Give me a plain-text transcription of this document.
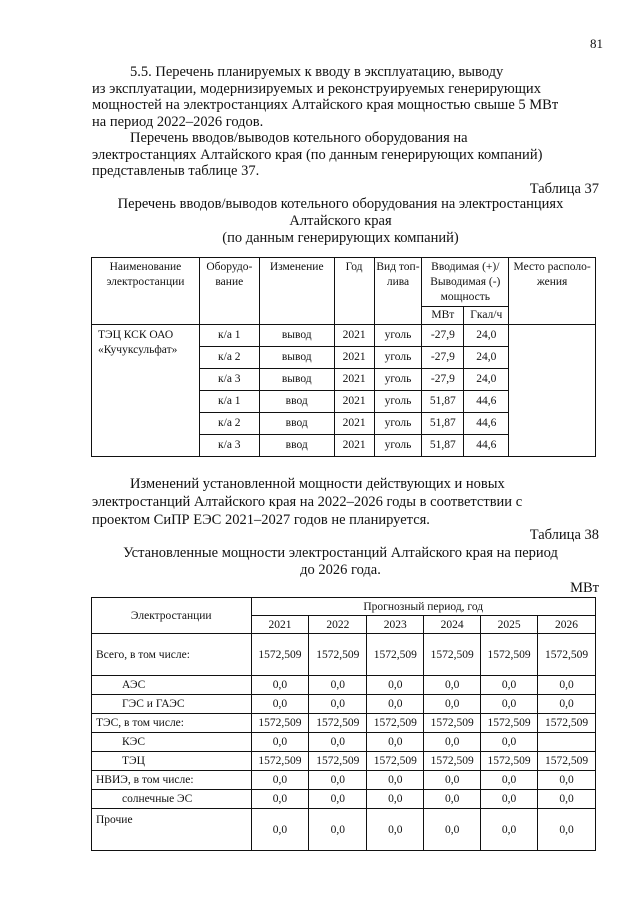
81
5.5. Перечень планируемых к вводу в эксплуатацию, выводу
из эксплуатации, модернизируемых и реконструируемых генерирующих
мощностей на электростанциях Алтайского края мощностью свыше 5 МВт
на период 2022–2026 годов.
Перечень вводов/выводов котельного оборудования на
электростанциях Алтайского края (по данным генерирующих компаний)
представленыв таблице 37.
Таблица 37
Перечень вводов/выводов котельного оборудования на электростанциях
Алтайского края
(по данным генерирующих компаний)
Наименование электростанции	Оборудо-вание	Изменение	Год	Вид топ-лива	Вводимая (+)/ Выводимая (-) мощность		Место располо-жения
					МВт	Гкал/ч	
ТЭЦ КСК ОАО «Кучуксульфат»	к/а 1	вывод	2021	уголь	-27,9	24,0	
	к/а 2	вывод	2021	уголь	-27,9	24,0	
	к/а 3	вывод	2021	уголь	-27,9	24,0	
	к/а 1	ввод	2021	уголь	51,87	44,6	
	к/а 2	ввод	2021	уголь	51,87	44,6	
	к/а 3	ввод	2021	уголь	51,87	44,6	
Изменений установленной мощности действующих и новых
электростанций Алтайского края на 2022–2026 годы в соответствии с
проектом СиПР ЕЭС 2021–2027 годов не планируется.
Таблица 38
Установленные мощности электростанций Алтайского края на период
до 2026 года.
МВт
Электростанции	Прогнозный период, год					
	2021	2022	2023	2024	2025	2026
Всего, в том числе:	1572,509	1572,509	1572,509	1572,509	1572,509	1572,509
АЭС	0,0	0,0	0,0	0,0	0,0	0,0
ГЭС и ГАЭС	0,0	0,0	0,0	0,0	0,0	0,0
ТЭС, в том числе:	1572,509	1572,509	1572,509	1572,509	1572,509	1572,509
КЭС	0,0	0,0	0,0	0,0	0,0	
ТЭЦ	1572,509	1572,509	1572,509	1572,509	1572,509	1572,509
НВИЭ, в том числе:	0,0	0,0	0,0	0,0	0,0	0,0
солнечные ЭС	0,0	0,0	0,0	0,0	0,0	0,0
Прочие	0,0	0,0	0,0	0,0	0,0	0,0
